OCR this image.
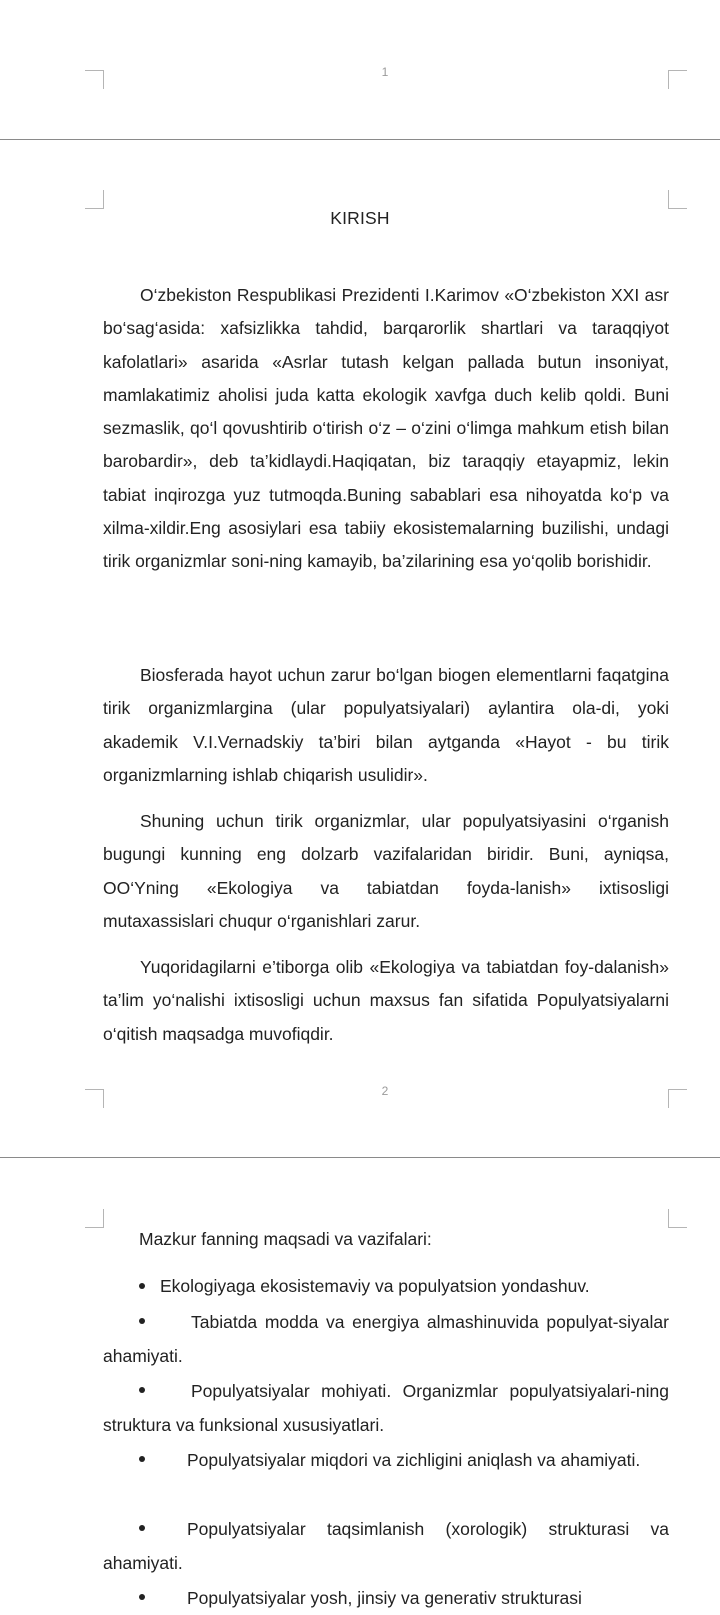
1
KIRISH

O‘zbekiston Respublikasi Prezidenti I.Karimov «O‘zbekiston XXI asr bo‘sag‘asida: xafsizlikka tahdid, barqarorlik shartlari va taraqqiyot kafolatlari» asarida «Asrlar tutash kelgan pallada butun insoniyat, mamlakatimiz aholisi juda katta ekologik xavfga duch kelib qoldi. Buni sezmaslik, qo‘l qovushtirib o‘tirish o‘z – o‘zini o‘limga mahkum etish bilan barobardir», deb ta’kidlaydi.Haqiqatan, biz taraqqiy etayapmiz, lekin tabiat inqirozga yuz tutmoqda.Buning sabablari esa nihoyatda ko‘p va xilma-xildir.Eng asosiylari esa tabiiy ekosistemalarning buzilishi, undagi tirik organizmlar soni-ning kamayib, ba’zilarining esa yo‘qolib borishidir.

Biosferada hayot uchun zarur bo‘lgan biogen elementlarni faqatgina tirik organizmlargina (ular populyatsiyalari) aylantira ola-di, yoki akademik V.I.Vernadskiy ta’biri bilan aytganda «Hayot - bu tirik organizmlarning ishlab chiqarish usulidir».

Shuning uchun tirik organizmlar, ular populyatsiyasini o‘rganish bugungi kunning eng dolzarb vazifalaridan biridir. Buni, ayniqsa, OO‘Yning «Ekologiya va tabiatdan foyda-lanish» ixtisosligi mutaxassislari chuqur o‘rganishlari zarur.

Yuqoridagilarni e’tiborga olib «Ekologiya va tabiatdan foy-dalanish» ta’lim yo‘nalishi ixtisosligi uchun maxsus fan sifatida Populyatsiyalarni o‘qitish maqsadga muvofiqdir.

2
Mazkur fanning maqsadi va vazifalari:
Ekologiyaga ekosistemaviy va populyatsion yondashuv.

Tabiatda modda va energiya almashinuvida populyat-siyalar ahamiyati.

Populyatsiyalar mohiyati. Organizmlar populyatsiyalari-ning struktura va funksional xususiyatlari.

Populyatsiyalar miqdori va zichligini aniqlash va ahamiyati.

Populyatsiyalar taqsimlanish (xorologik) strukturasi va ahamiyati.

Populyatsiyalar yosh, jinsiy va generativ strukturasi
